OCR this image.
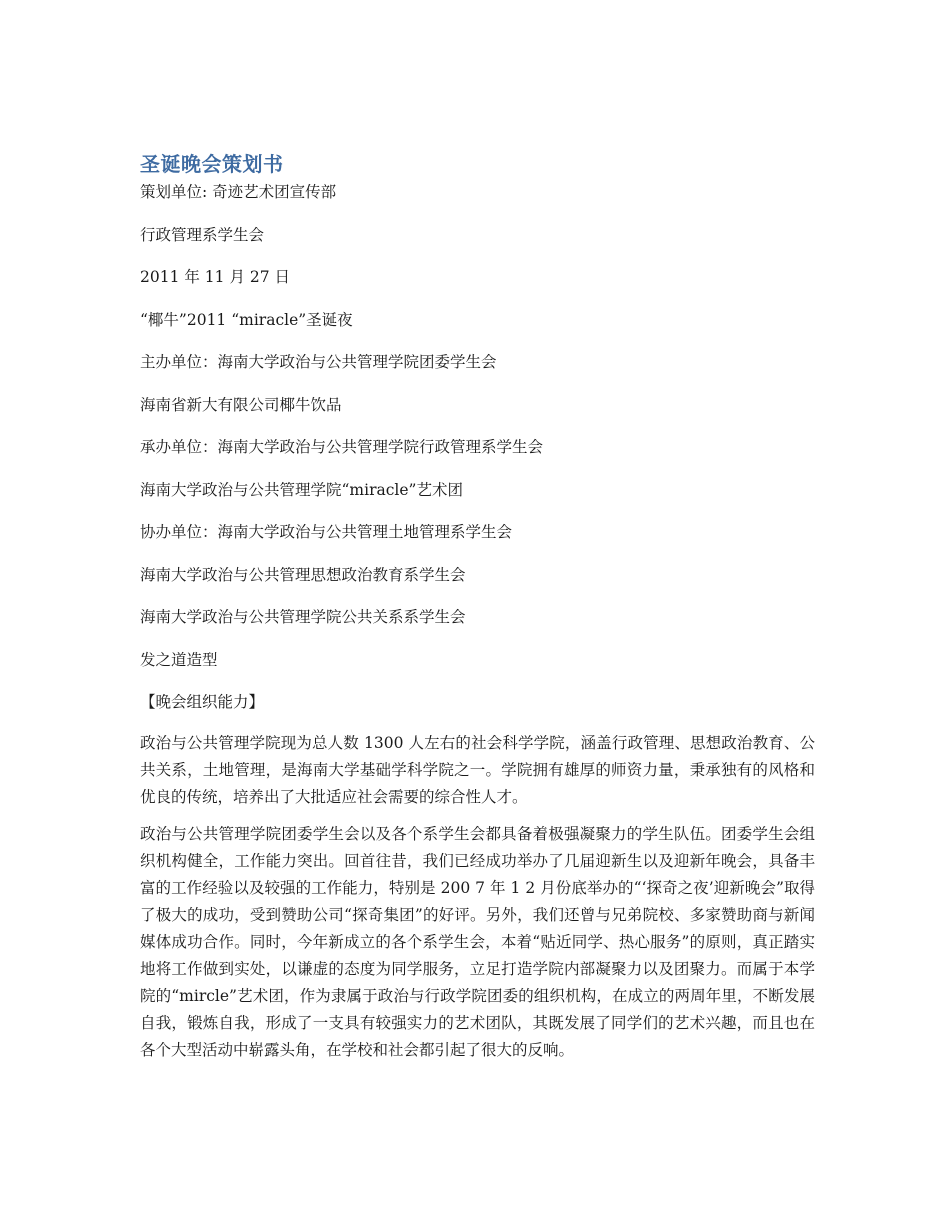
圣诞晚会策划书

策划单位: 奇迹艺术团宣传部

行政管理系学生会

2011 年 11 月 27 日

“椰牛”2011 “miracle”圣诞夜

主办单位：海南大学政治与公共管理学院团委学生会

海南省新大有限公司椰牛饮品

承办单位：海南大学政治与公共管理学院行政管理系学生会

海南大学政治与公共管理学院“miracle”艺术团

协办单位：海南大学政治与公共管理土地管理系学生会

海南大学政治与公共管理思想政治教育系学生会

海南大学政治与公共管理学院公共关系系学生会

发之道造型

【晚会组织能力】

政治与公共管理学院现为总人数 1300 人左右的社会科学学院，涵盖行政管理、思想政治教育、公共关系，土地管理，是海南大学基础学科学院之一。学院拥有雄厚的师资力量，秉承独有的风格和优良的传统，培养出了大批适应社会需要的综合性人才。

政治与公共管理学院团委学生会以及各个系学生会都具备着极强凝聚力的学生队伍。团委学生会组织机构健全，工作能力突出。回首往昔，我们已经成功举办了几届迎新生以及迎新年晚会，具备丰富的工作经验以及较强的工作能力，特别是 200 7 年 1 2 月份底举办的“‘探奇之夜’迎新晚会”取得了极大的成功，受到赞助公司“探奇集团”的好评。另外，我们还曾与兄弟院校、多家赞助商与新闻媒体成功合作。同时，今年新成立的各个系学生会，本着“贴近同学、热心服务”的原则，真正踏实地将工作做到实处，以谦虚的态度为同学服务，立足打造学院内部凝聚力以及团聚力。而属于本学院的“mircle”艺术团，作为隶属于政治与行政学院团委的组织机构，在成立的两周年里，不断发展自我，锻炼自我，形成了一支具有较强实力的艺术团队，其既发展了同学们的艺术兴趣，而且也在各个大型活动中崭露头角，在学校和社会都引起了很大的反响。
